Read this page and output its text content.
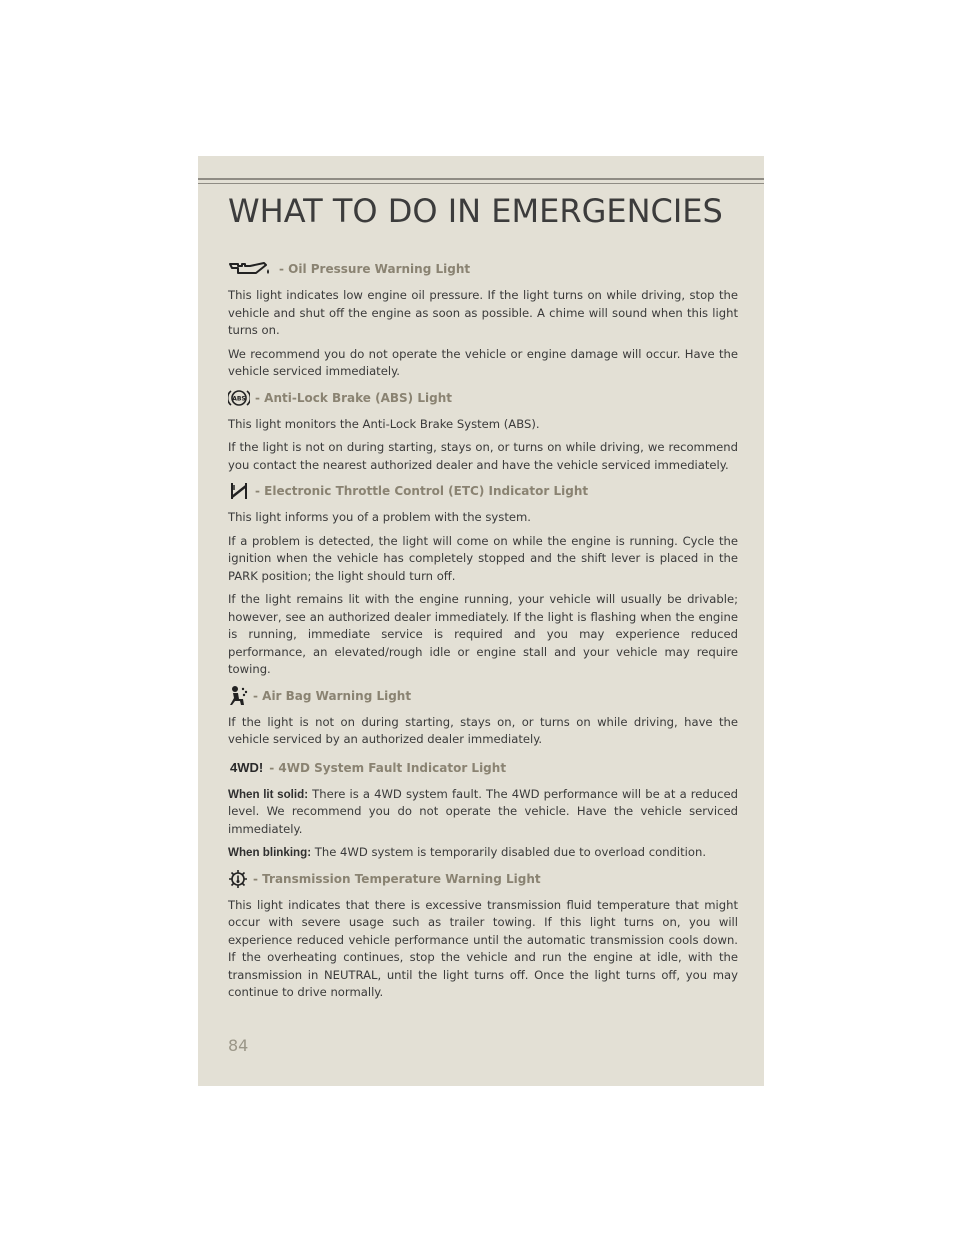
WHAT TO DO IN EMERGENCIES
- Oil Pressure Warning Light

This light indicates low engine oil pressure. If the light turns on while driving, stop the vehicle and shut off the engine as soon as possible. A chime will sound when this light turns on.

We recommend you do not operate the vehicle or engine damage will occur. Have the vehicle serviced immediately.

ABS - Anti-Lock Brake (ABS) Light

This light monitors the Anti-Lock Brake System (ABS).

If the light is not on during starting, stays on, or turns on while driving, we recommend you contact the nearest authorized dealer and have the vehicle serviced immediately.

- Electronic Throttle Control (ETC) Indicator Light

This light informs you of a problem with the system.

If a problem is detected, the light will come on while the engine is running. Cycle the ignition when the vehicle has completely stopped and the shift lever is placed in the PARK position; the light should turn off.

If the light remains lit with the engine running, your vehicle will usually be drivable; however, see an authorized dealer immediately. If the light is flashing when the engine is running, immediate service is required and you may experience reduced performance, an elevated/rough idle or engine stall and your vehicle may require towing.

- Air Bag Warning Light

If the light is not on during starting, stays on, or turns on while driving, have the vehicle serviced by an authorized dealer immediately.

4WD! - 4WD System Fault Indicator Light

When lit solid: There is a 4WD system fault. The 4WD performance will be at a reduced level. We recommend you do not operate the vehicle. Have the vehicle serviced immediately.

When blinking: The 4WD system is temporarily disabled due to overload condition.

- Transmission Temperature Warning Light

This light indicates that there is excessive transmission fluid temperature that might occur with severe usage such as trailer towing. If this light turns on, you will experience reduced vehicle performance until the automatic transmission cools down. If the overheating continues, stop the vehicle and run the engine at idle, with the transmission in NEUTRAL, until the light turns off. Once the light turns off, you may continue to drive normally.

84
